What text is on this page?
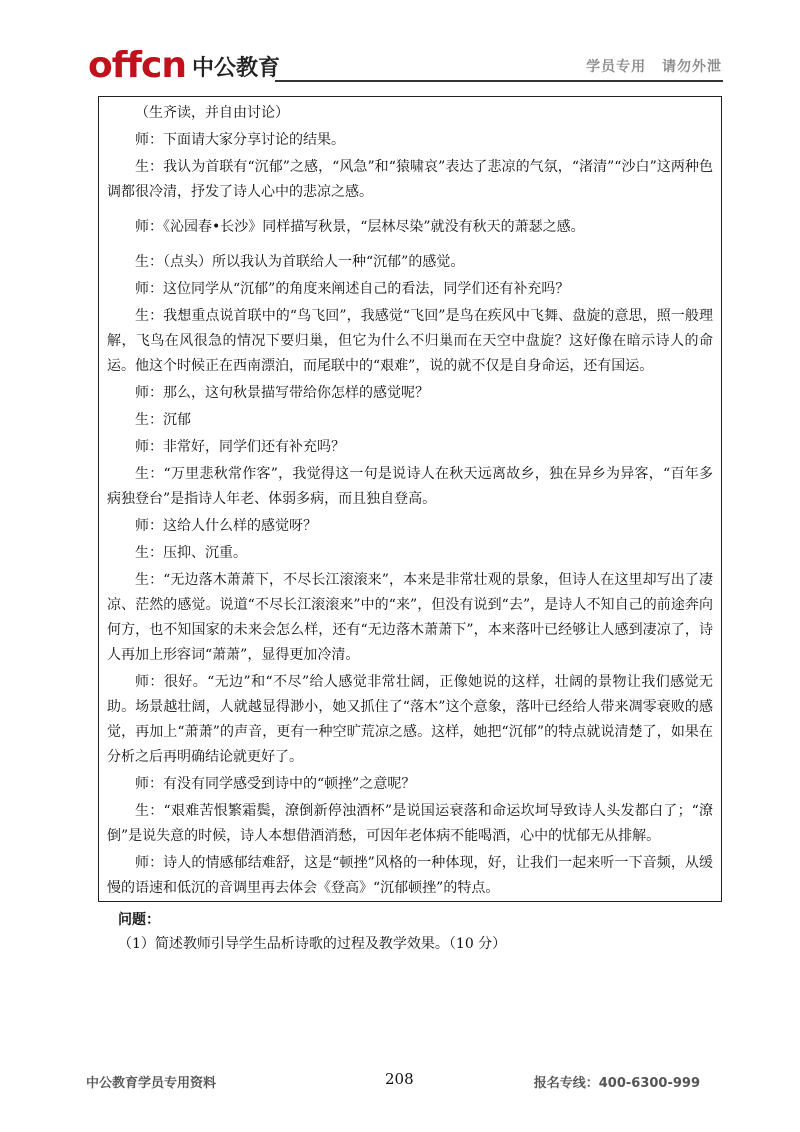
offcn 中公教育	学员专用 请勿外泄

（生齐读，并自由讨论）

师：下面请大家分享讨论的结果。

生：我认为首联有“沉郁”之感，“风急”和“猿啸哀”表达了悲凉的气氛，“渚清”“沙白”这两种色调都很冷清，抒发了诗人心中的悲凉之感。

师：《沁园春•长沙》同样描写秋景，“层林尽染”就没有秋天的萧瑟之感。

生：（点头）所以我认为首联给人一种“沉郁”的感觉。

师：这位同学从“沉郁”的角度来阐述自己的看法，同学们还有补充吗？

生：我想重点说首联中的“鸟飞回”，我感觉“飞回”是鸟在疾风中飞舞、盘旋的意思，照一般理解，飞鸟在风很急的情况下要归巢，但它为什么不归巢而在天空中盘旋？这好像在暗示诗人的命运。他这个时候正在西南漂泊，而尾联中的“艰难”，说的就不仅是自身命运，还有国运。

师：那么，这句秋景描写带给你怎样的感觉呢？

生：沉郁

师：非常好，同学们还有补充吗？

生：“万里悲秋常作客”，我觉得这一句是说诗人在秋天远离故乡，独在异乡为异客，“百年多病独登台”是指诗人年老、体弱多病，而且独自登高。

师：这给人什么样的感觉呀？

生：压抑、沉重。

生：“无边落木萧萧下，不尽长江滚滚来”，本来是非常壮观的景象，但诗人在这里却写出了凄凉、茫然的感觉。说道“不尽长江滚滚来”中的“来”，但没有说到“去”，是诗人不知自己的前途奔向何方，也不知国家的未来会怎么样，还有“无边落木萧萧下”，本来落叶已经够让人感到凄凉了，诗人再加上形容词“萧萧”，显得更加冷清。

师：很好。“无边”和“不尽”给人感觉非常壮阔，正像她说的这样，壮阔的景物让我们感觉无助。场景越壮阔，人就越显得渺小，她又抓住了“落木”这个意象，落叶已经给人带来凋零衰败的感觉，再加上“萧萧”的声音，更有一种空旷荒凉之感。这样，她把“沉郁”的特点就说清楚了，如果在分析之后再明确结论就更好了。

师：有没有同学感受到诗中的“顿挫”之意呢？

生：“艰难苦恨繁霜鬓，潦倒新停浊酒杯”是说国运衰落和命运坎坷导致诗人头发都白了；“潦倒”是说失意的时候，诗人本想借酒消愁，可因年老体病不能喝酒，心中的忧郁无从排解。

师：诗人的情感郁结难舒，这是“顿挫”风格的一种体现，好，让我们一起来听一下音频，从缓慢的语速和低沉的音调里再去体会《登高》“沉郁顿挫”的特点。

问题：
（1）简述教师引导学生品析诗歌的过程及教学效果。（10 分）
中公教育学员专用资料	208	报名专线：400-6300-999
